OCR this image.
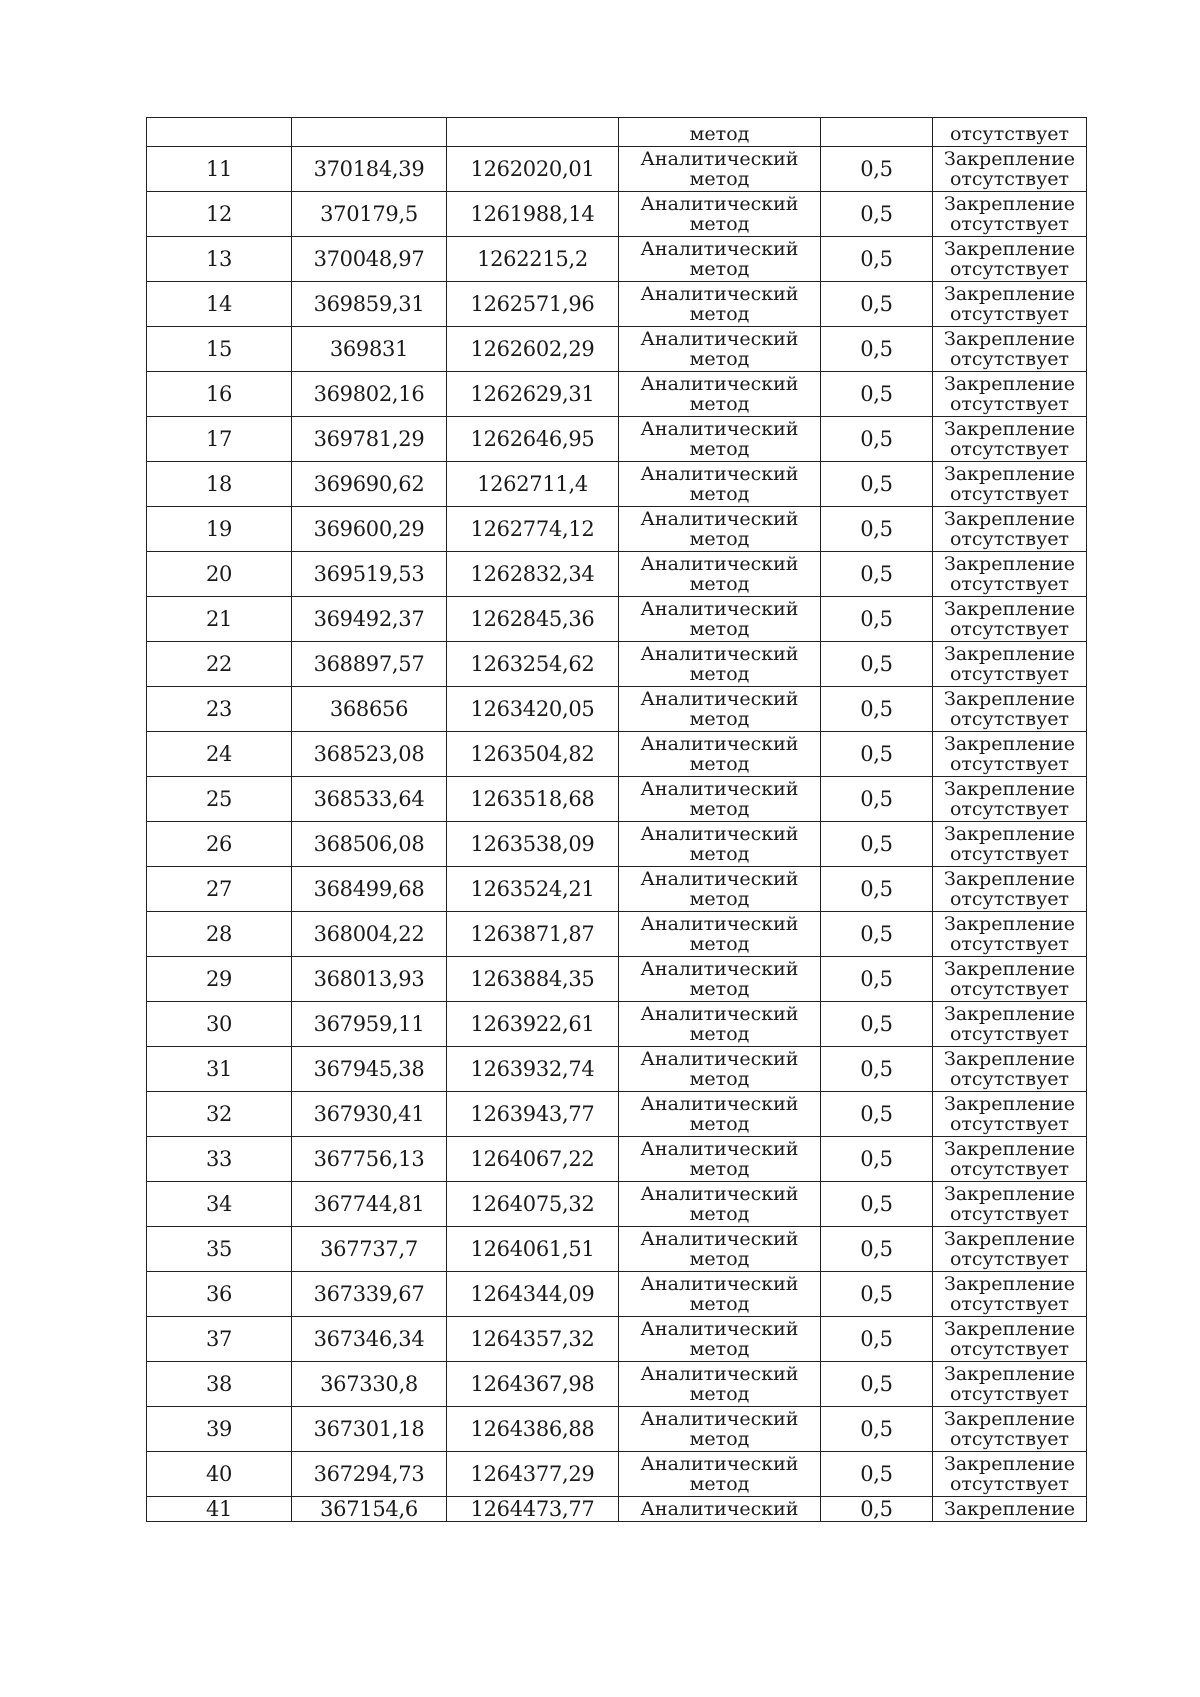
			метод		отсутствует

11	370184,39	1262020,01	Аналитический
метод	0,5	Закрепление
отсутствует

12	370179,5	1261988,14	Аналитический
метод	0,5	Закрепление
отсутствует

13	370048,97	1262215,2	Аналитический
метод	0,5	Закрепление
отсутствует

14	369859,31	1262571,96	Аналитический
метод	0,5	Закрепление
отсутствует

15	369831	1262602,29	Аналитический
метод	0,5	Закрепление
отсутствует

16	369802,16	1262629,31	Аналитический
метод	0,5	Закрепление
отсутствует

17	369781,29	1262646,95	Аналитический
метод	0,5	Закрепление
отсутствует

18	369690,62	1262711,4	Аналитический
метод	0,5	Закрепление
отсутствует

19	369600,29	1262774,12	Аналитический
метод	0,5	Закрепление
отсутствует

20	369519,53	1262832,34	Аналитический
метод	0,5	Закрепление
отсутствует

21	369492,37	1262845,36	Аналитический
метод	0,5	Закрепление
отсутствует

22	368897,57	1263254,62	Аналитический
метод	0,5	Закрепление
отсутствует

23	368656	1263420,05	Аналитический
метод	0,5	Закрепление
отсутствует

24	368523,08	1263504,82	Аналитический
метод	0,5	Закрепление
отсутствует

25	368533,64	1263518,68	Аналитический
метод	0,5	Закрепление
отсутствует

26	368506,08	1263538,09	Аналитический
метод	0,5	Закрепление
отсутствует

27	368499,68	1263524,21	Аналитический
метод	0,5	Закрепление
отсутствует

28	368004,22	1263871,87	Аналитический
метод	0,5	Закрепление
отсутствует

29	368013,93	1263884,35	Аналитический
метод	0,5	Закрепление
отсутствует

30	367959,11	1263922,61	Аналитический
метод	0,5	Закрепление
отсутствует

31	367945,38	1263932,74	Аналитический
метод	0,5	Закрепление
отсутствует

32	367930,41	1263943,77	Аналитический
метод	0,5	Закрепление
отсутствует

33	367756,13	1264067,22	Аналитический
метод	0,5	Закрепление
отсутствует

34	367744,81	1264075,32	Аналитический
метод	0,5	Закрепление
отсутствует

35	367737,7	1264061,51	Аналитический
метод	0,5	Закрепление
отсутствует

36	367339,67	1264344,09	Аналитический
метод	0,5	Закрепление
отсутствует

37	367346,34	1264357,32	Аналитический
метод	0,5	Закрепление
отсутствует

38	367330,8	1264367,98	Аналитический
метод	0,5	Закрепление
отсутствует

39	367301,18	1264386,88	Аналитический
метод	0,5	Закрепление
отсутствует

40	367294,73	1264377,29	Аналитический
метод	0,5	Закрепление
отсутствует

41	367154,6	1264473,77	Аналитический	0,5	Закрепление
